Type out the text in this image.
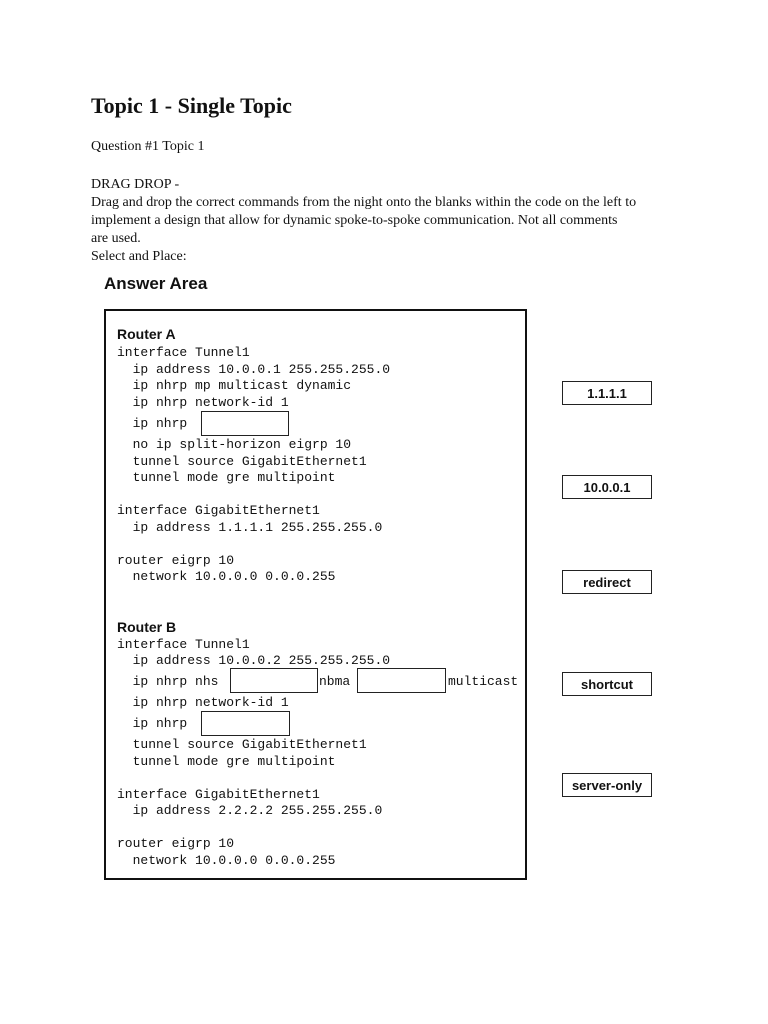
Topic 1 - Single Topic
Question #1 Topic 1
DRAG DROP -
Drag and drop the correct commands from the night onto the blanks within the code on the left to
implement a design that allow for dynamic spoke-to-spoke communication. Not all comments
are used.
Select and Place:
Answer Area
Router A
interface Tunnel1
ip address 10.0.0.1 255.255.255.0
ip nhrp mp multicast dynamic
ip nhrp network-id 1
ip nhrp
no ip split-horizon eigrp 10
tunnel source GigabitEthernet1
tunnel mode gre multipoint
interface GigabitEthernet1
ip address 1.1.1.1 255.255.255.0
router eigrp 10
network 10.0.0.0 0.0.0.255
Router B
interface Tunnel1
ip address 10.0.0.2 255.255.255.0
ip nhrp nhs	nbma	multicast
ip nhrp network-id 1
ip nhrp
tunnel source GigabitEthernet1
tunnel mode gre multipoint
interface GigabitEthernet1
ip address 2.2.2.2 255.255.255.0
router eigrp 10
network 10.0.0.0 0.0.0.255
1.1.1.1
10.0.0.1
redirect
shortcut
server-only
